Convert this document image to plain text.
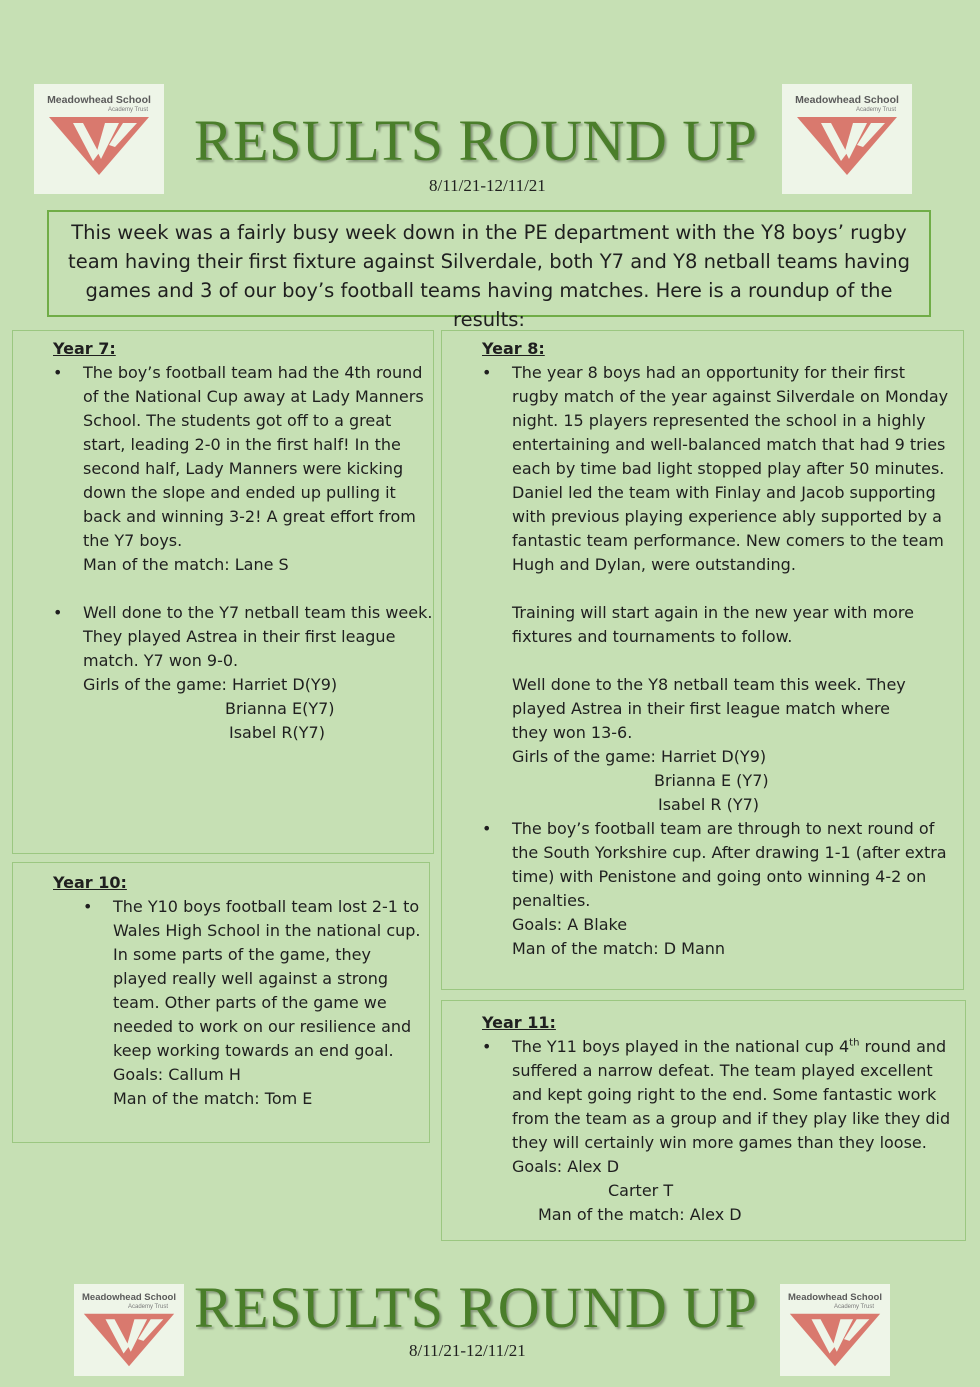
Meadowhead School
Academy Trust RESULTS ROUND UP
Meadowhead School
Academy Trust
8/11/21-12/11/21
This week was a fairly busy week down in the PE department with the Y8 boys’ rugby team having their first fixture against Silverdale, both Y7 and Y8 netball teams having games and 3 of our boy’s football teams having matches. Here is a roundup of the results:
Year 7:
• The boy’s football team had the 4th round of the National Cup away at Lady Manners School. The students got off to a great start, leading 2-0 in the first half! In the second half, Lady Manners were kicking down the slope and ended up pulling it back and winning 3-2! A great effort from the Y7 boys.
Man of the match: Lane S
• Well done to the Y7 netball team this week. They played Astrea in their first league match. Y7 won 9-0.
Girls of the game: Harriet D(Y9)
Brianna E(Y7)
Isabel R(Y7)
Year 10:
• The Y10 boys football team lost 2-1 to Wales High School in the national cup. In some parts of the game, they played really well against a strong team. Other parts of the game we needed to work on our resilience and keep working towards an end goal.
Goals: Callum H
Man of the match: Tom E
Year 8:
• The year 8 boys had an opportunity for their first rugby match of the year against Silverdale on Monday night. 15 players represented the school in a highly entertaining and well-balanced match that had 9 tries each by time bad light stopped play after 50 minutes. Daniel led the team with Finlay and Jacob supporting with previous playing experience ably supported by a fantastic team performance. New comers to the team Hugh and Dylan, were outstanding.
Training will start again in the new year with more fixtures and tournaments to follow.
Well done to the Y8 netball team this week. They played Astrea in their first league match where they won 13-6.
Girls of the game: Harriet D(Y9)
Brianna E (Y7)
Isabel R (Y7)
• The boy’s football team are through to next round of the South Yorkshire cup. After drawing 1-1 (after extra time) with Penistone and going onto winning 4-2 on penalties.
Goals: A Blake
Man of the match: D Mann
Year 11:
• The Y11 boys played in the national cup 4th round and suffered a narrow defeat. The team played excellent and kept going right to the end. Some fantastic work from the team as a group and if they play like they did they will certainly win more games than they loose.
Goals: Alex D
Carter T
Man of the match: Alex D
Meadowhead School
Academy Trust RESULTS ROUND UP	Meadowhead School
Academy Trust
8/11/21-12/11/21
